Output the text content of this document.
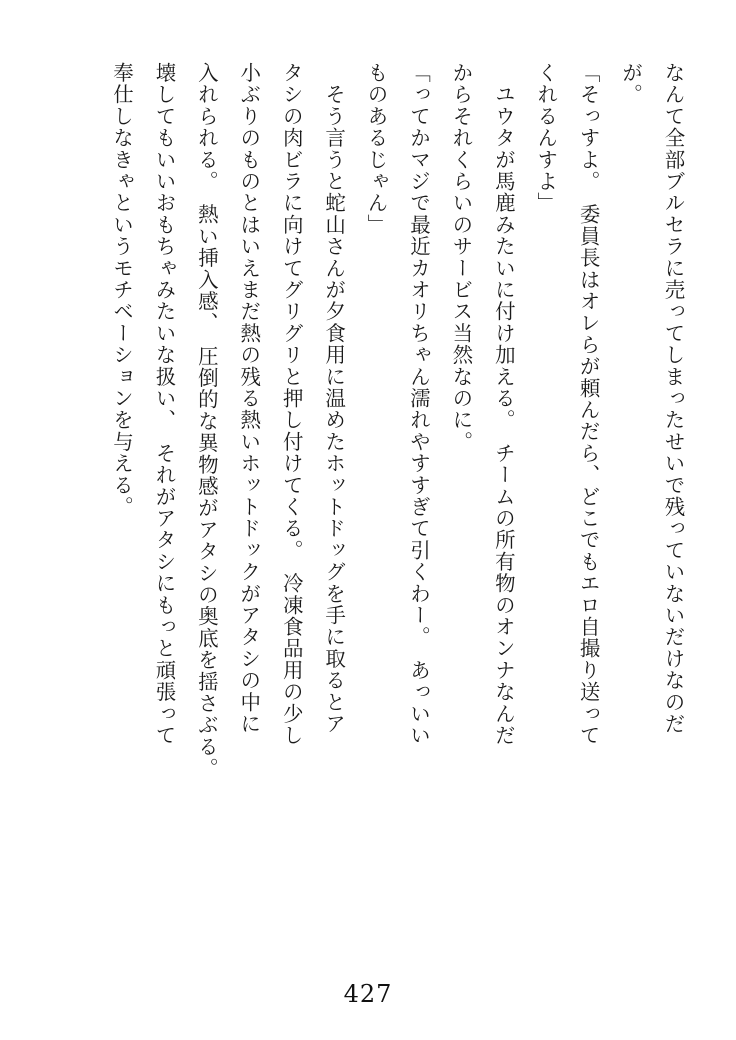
なんて全部ブルセラに売ってしまったせいで残っていないだけなのだ
が。
「そっすよ。　委員長はオレらが頼んだら、どこでもエロ自撮り送って
くれるんすよ」
　ユウタが馬鹿みたいに付け加える。　チームの所有物のオンナなんだ
からそれくらいのサービス当然なのに。
「ってかマジで最近カオリちゃん濡れやすすぎて引くわー。　あっいい
ものあるじゃん」
　そう言うと蛇山さんが夕食用に温めたホットドッグを手に取るとア
タシの肉ビラに向けてグリグリと押し付けてくる。　冷凍食品用の少し
小ぶりのものとはいえまだ熱の残る熱いホットドックがアタシの中に
入れられる。　熱い挿入感、　圧倒的な異物感がアタシの奥底を揺さぶる。
壊してもいいおもちゃみたいな扱い、　それがアタシにもっと頑張って
奉仕しなきゃというモチベーションを与える。
427
